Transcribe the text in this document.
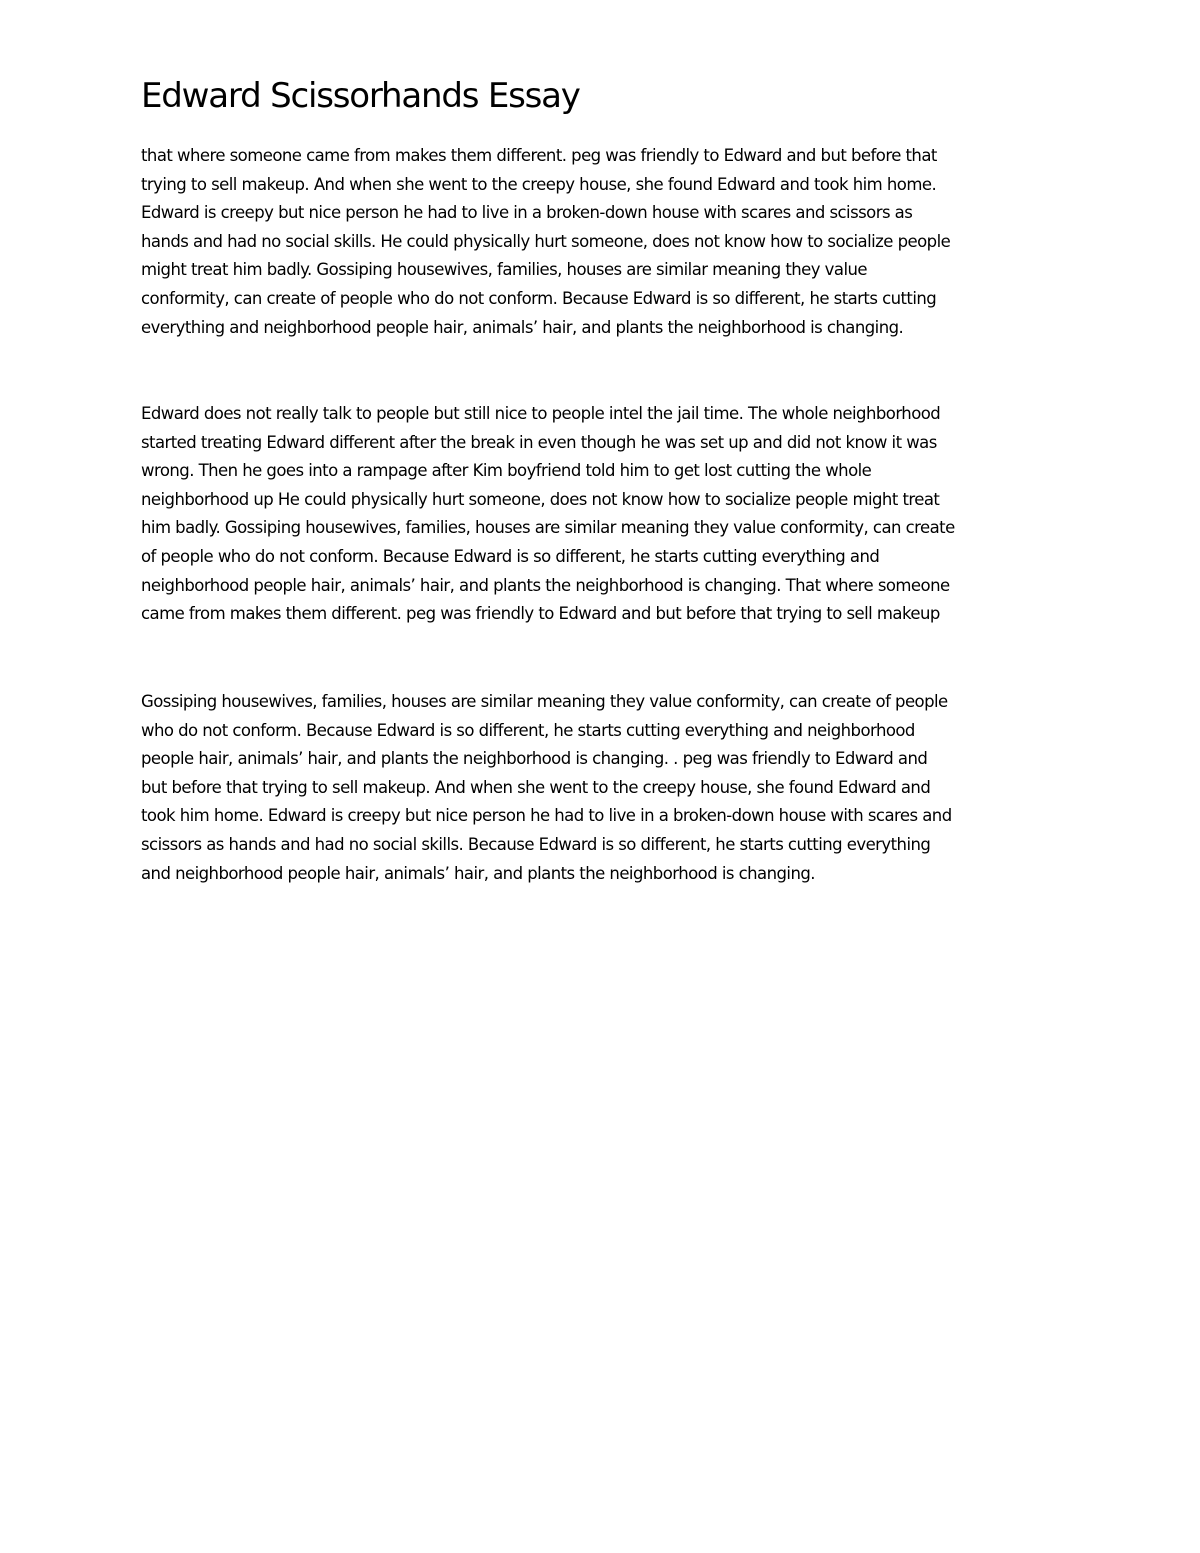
Edward Scissorhands Essay

that where someone came from makes them different. peg was friendly to Edward and but before that
trying to sell makeup. And when she went to the creepy house, she found Edward and took him home.
Edward is creepy but nice person he had to live in a broken-down house with scares and scissors as
hands and had no social skills. He could physically hurt someone, does not know how to socialize people
might treat him badly. Gossiping housewives, families, houses are similar meaning they value
conformity, can create of people who do not conform. Because Edward is so different, he starts cutting
everything and neighborhood people hair, animals’ hair, and plants the neighborhood is changing.

Edward does not really talk to people but still nice to people intel the jail time. The whole neighborhood
started treating Edward different after the break in even though he was set up and did not know it was
wrong. Then he goes into a rampage after Kim boyfriend told him to get lost cutting the whole
neighborhood up He could physically hurt someone, does not know how to socialize people might treat
him badly. Gossiping housewives, families, houses are similar meaning they value conformity, can create
of people who do not conform. Because Edward is so different, he starts cutting everything and
neighborhood people hair, animals’ hair, and plants the neighborhood is changing. That where someone
came from makes them different. peg was friendly to Edward and but before that trying to sell makeup

Gossiping housewives, families, houses are similar meaning they value conformity, can create of people
who do not conform. Because Edward is so different, he starts cutting everything and neighborhood
people hair, animals’ hair, and plants the neighborhood is changing. . peg was friendly to Edward and
but before that trying to sell makeup. And when she went to the creepy house, she found Edward and
took him home. Edward is creepy but nice person he had to live in a broken-down house with scares and
scissors as hands and had no social skills. Because Edward is so different, he starts cutting everything
and neighborhood people hair, animals’ hair, and plants the neighborhood is changing.
